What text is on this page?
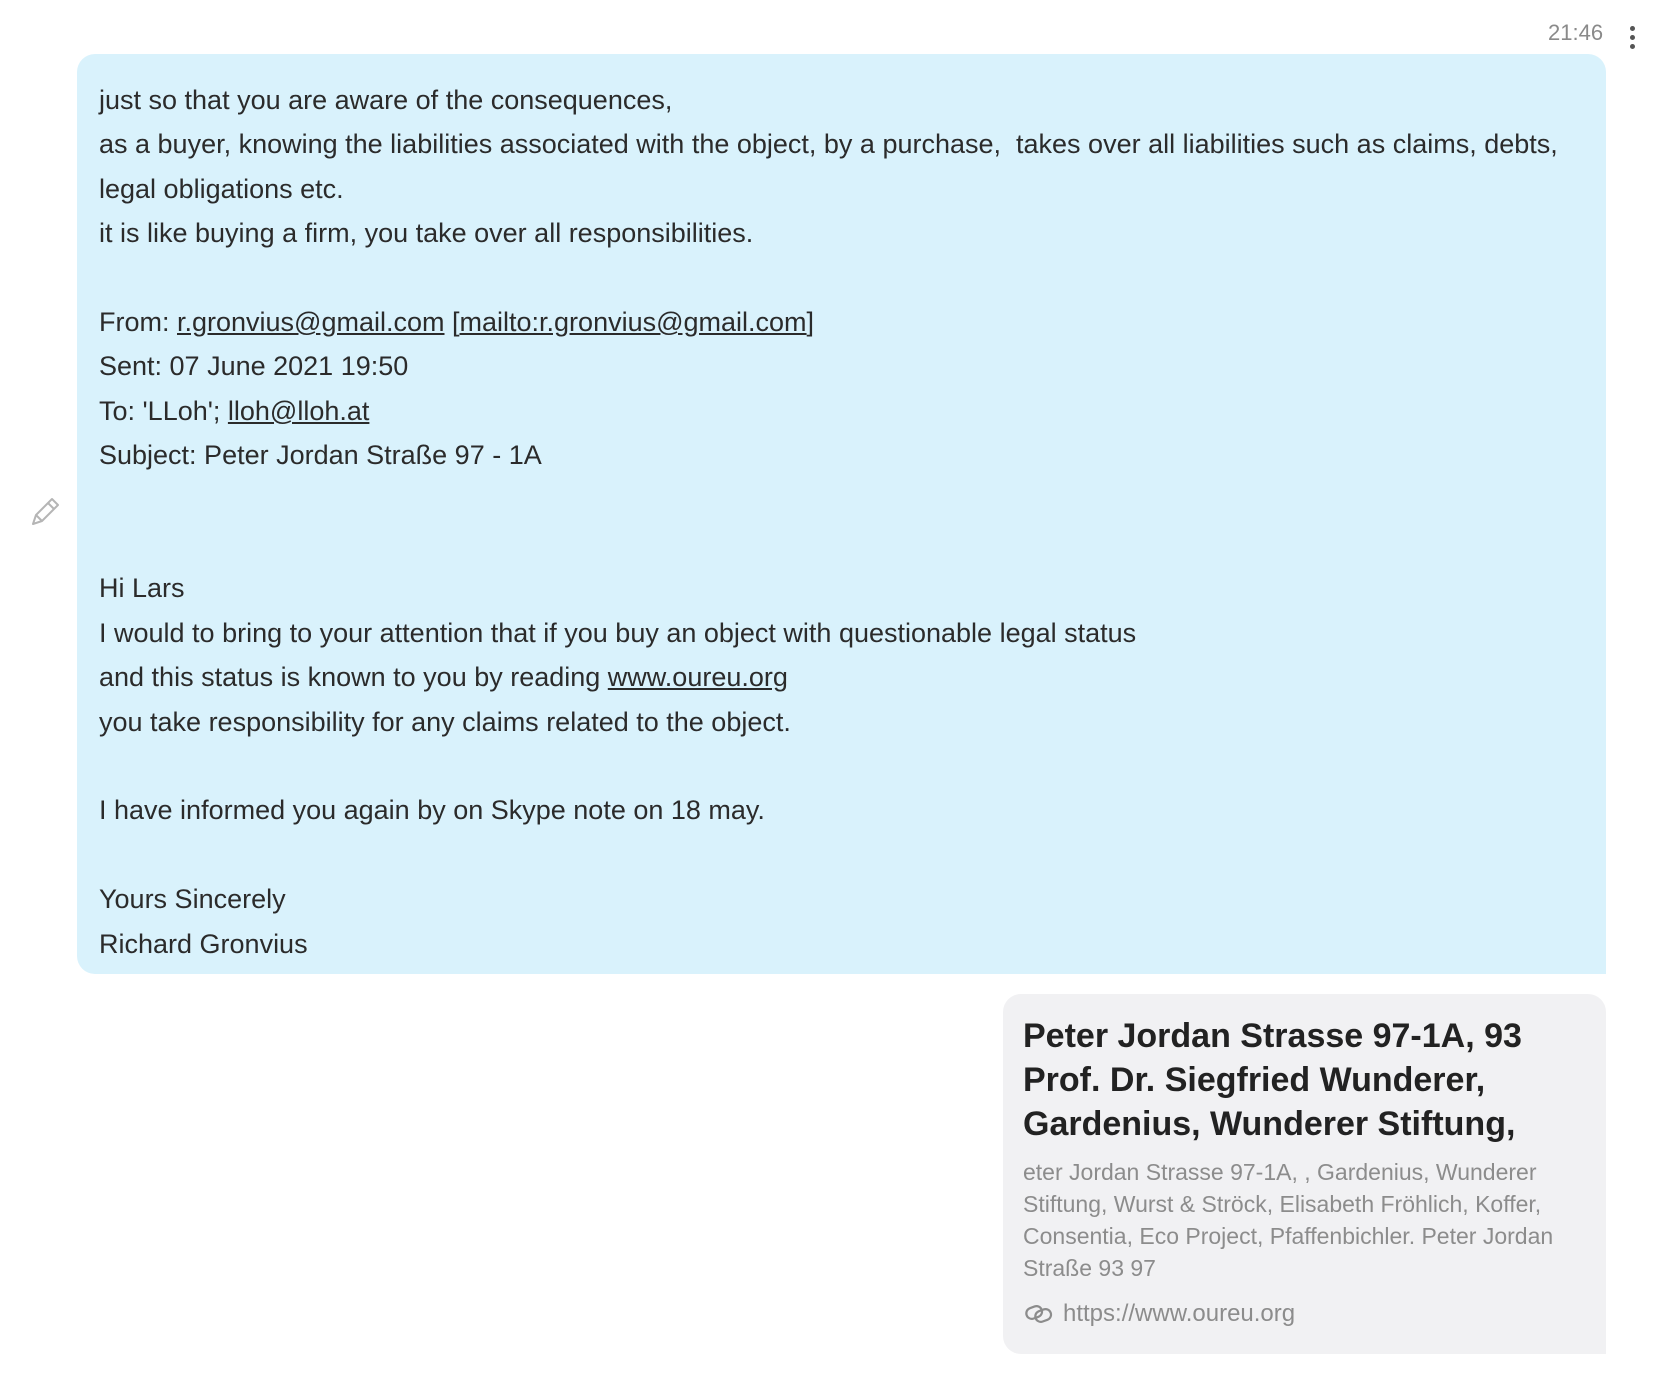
21:46
just so that you are aware of the consequences,
as a buyer, knowing the liabilities associated with the object, by a purchase,  takes over all liabilities such as claims, debts,
legal obligations etc.
it is like buying a firm, you take over all responsibilities.
From: r.gronvius@gmail.com [mailto:r.gronvius@gmail.com]
Sent: 07 June 2021 19:50
To: 'LLoh'; lloh@lloh.at
Subject: Peter Jordan Straße 97 - 1A
Hi Lars
I would to bring to your attention that if you buy an object with questionable legal status
and this status is known to you by reading www.oureu.org
you take responsibility for any claims related to the object.
I have informed you again by on Skype note on 18 may.
Yours Sincerely
Richard Gronvius
Peter Jordan Strasse 97-1A, 93 Prof. Dr. Siegfried Wunderer, Gardenius, Wunderer Stiftung,
eter Jordan Strasse 97-1A, , Gardenius, Wunderer Stiftung, Wurst & Ströck, Elisabeth Fröhlich, Koffer, Consentia, Eco Project, Pfaffenbichler. Peter Jordan Straße 93 97
https://www.oureu.org
